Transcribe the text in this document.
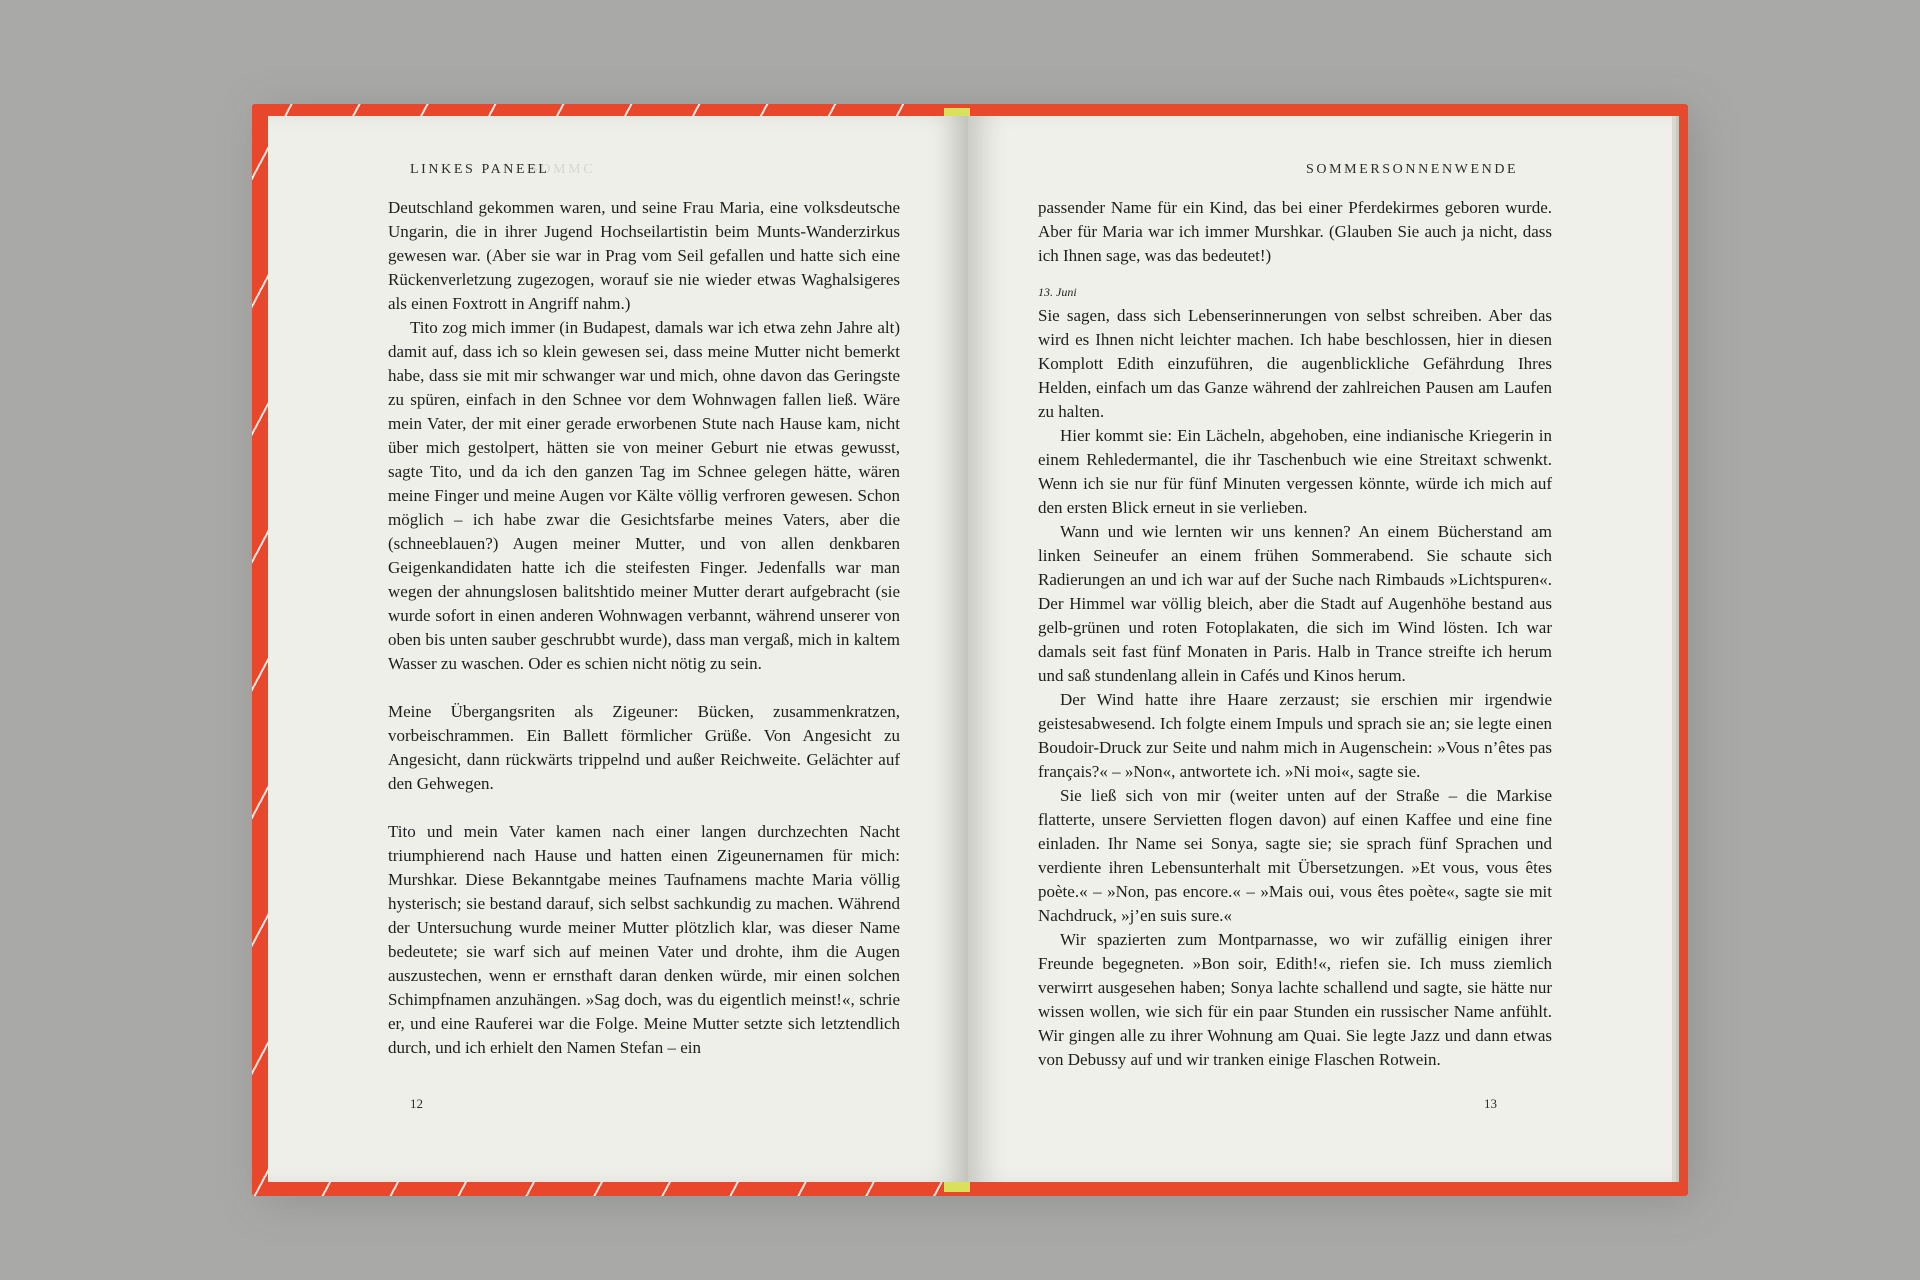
LINKES PANEEL
SOMMC	SOMMERSONNENWENDE

Deutschland gekommen waren, und seine Frau Maria, eine volksdeutsche Ungarin, die in ihrer Jugend Hochseilartistin beim Munts-Wanderzirkus gewesen war. (Aber sie war in Prag vom Seil gefallen und hatte sich eine Rückenverletzung zugezogen, worauf sie nie wieder etwas Waghalsigeres als einen Foxtrott in Angriff nahm.)

Tito zog mich immer (in Budapest, damals war ich etwa zehn Jahre alt) damit auf, dass ich so klein gewesen sei, dass meine Mutter nicht bemerkt habe, dass sie mit mir schwanger war und mich, ohne davon das Geringste zu spüren, einfach in den Schnee vor dem Wohnwagen fallen ließ. Wäre mein Vater, der mit einer gerade erworbenen Stute nach Hause kam, nicht über mich gestolpert, hätten sie von meiner Geburt nie etwas gewusst, sagte Tito, und da ich den ganzen Tag im Schnee gelegen hätte, wären meine Finger und meine Augen vor Kälte völlig verfroren gewesen. Schon möglich – ich habe zwar die Gesichtsfarbe meines Vaters, aber die (schneeblauen?) Augen meiner Mutter, und von allen denkbaren Geigenkandidaten hatte ich die steifesten Finger. Jedenfalls war man wegen der ahnungslosen balitshtido meiner Mutter derart aufgebracht (sie wurde sofort in einen anderen Wohnwagen verbannt, während unserer von oben bis unten sauber geschrubbt wurde), dass man vergaß, mich in kaltem Wasser zu waschen. Oder es schien nicht nötig zu sein.

Meine Übergangsriten als Zigeuner: Bücken, zusammenkratzen, vorbeischrammen. Ein Ballett förmlicher Grüße. Von Angesicht zu Angesicht, dann rückwärts trippelnd und außer Reichweite. Gelächter auf den Gehwegen.

Tito und mein Vater kamen nach einer langen durchzechten Nacht triumphierend nach Hause und hatten einen Zigeunernamen für mich: Murshkar. Diese Bekanntgabe meines Taufnamens machte Maria völlig hysterisch; sie bestand darauf, sich selbst sachkundig zu machen. Während der Untersuchung wurde meiner Mutter plötzlich klar, was dieser Name bedeutete; sie warf sich auf meinen Vater und drohte, ihm die Augen auszustechen, wenn er ernsthaft daran denken würde, mir einen solchen Schimpfnamen anzuhängen. »Sag doch, was du eigentlich meinst!«, schrie er, und eine Rauferei war die Folge. Meine Mutter setzte sich letztendlich durch, und ich erhielt den Namen Stefan – ein

passender Name für ein Kind, das bei einer Pferdekirmes geboren wurde. Aber für Maria war ich immer Murshkar. (Glauben Sie auch ja nicht, dass ich Ihnen sage, was das bedeutet!)

13. Juni

Sie sagen, dass sich Lebenserinnerungen von selbst schreiben. Aber das wird es Ihnen nicht leichter machen. Ich habe beschlossen, hier in diesen Komplott Edith einzuführen, die augenblickliche Gefährdung Ihres Helden, einfach um das Ganze während der zahlreichen Pausen am Laufen zu halten.

Hier kommt sie: Ein Lächeln, abgehoben, eine indianische Kriegerin in einem Rehledermantel, die ihr Taschenbuch wie eine Streitaxt schwenkt. Wenn ich sie nur für fünf Minuten vergessen könnte, würde ich mich auf den ersten Blick erneut in sie verlieben.

Wann und wie lernten wir uns kennen? An einem Bücherstand am linken Seineufer an einem frühen Sommerabend. Sie schaute sich Radierungen an und ich war auf der Suche nach Rimbauds »Lichtspuren«. Der Himmel war völlig bleich, aber die Stadt auf Augenhöhe bestand aus gelb-grünen und roten Fotoplakaten, die sich im Wind lösten. Ich war damals seit fast fünf Monaten in Paris. Halb in Trance streifte ich herum und saß stundenlang allein in Cafés und Kinos herum.

Der Wind hatte ihre Haare zerzaust; sie erschien mir irgendwie geistesabwesend. Ich folgte einem Impuls und sprach sie an; sie legte einen Boudoir-Druck zur Seite und nahm mich in Augenschein: »Vous n’êtes pas français?« – »Non«, antwortete ich. »Ni moi«, sagte sie.

Sie ließ sich von mir (weiter unten auf der Straße – die Markise flatterte, unsere Servietten flogen davon) auf einen Kaffee und eine fine einladen. Ihr Name sei Sonya, sagte sie; sie sprach fünf Sprachen und verdiente ihren Lebensunterhalt mit Übersetzungen. »Et vous, vous êtes poète.« – »Non, pas encore.« – »Mais oui, vous êtes poète«, sagte sie mit Nachdruck, »j’en suis sure.«

Wir spazierten zum Montparnasse, wo wir zufällig einigen ihrer Freunde begegneten. »Bon soir, Edith!«, riefen sie. Ich muss ziemlich verwirrt ausgesehen haben; Sonya lachte schallend und sagte, sie hätte nur wissen wollen, wie sich für ein paar Stunden ein russischer Name anfühlt. Wir gingen alle zu ihrer Wohnung am Quai. Sie legte Jazz und dann etwas von Debussy auf und wir tranken einige Flaschen Rotwein.

12	13
